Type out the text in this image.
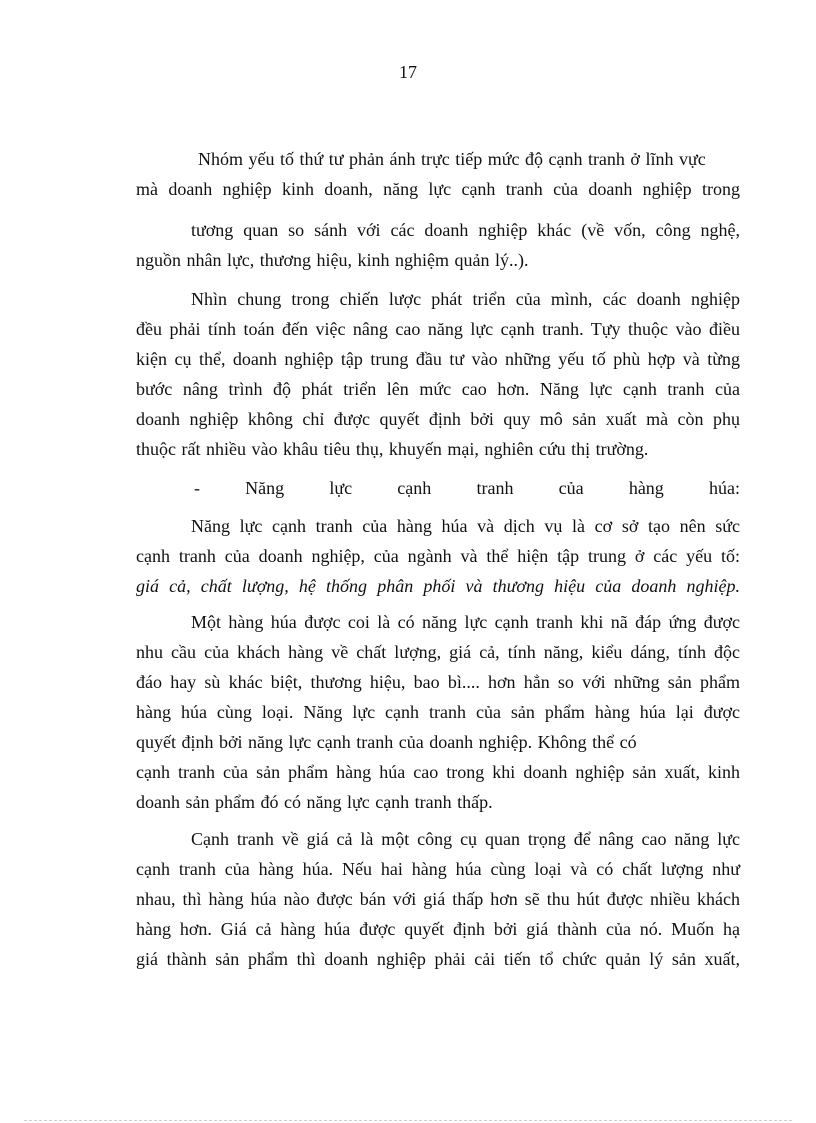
17
Nhóm yếu tố thứ tư phản ánh trực tiếp mức độ cạnh tranh ở lĩnh vực
mà doanh nghiệp kinh doanh, năng lực cạnh tranh của doanh nghiệp trong
tương quan so sánh với các doanh nghiệp khác (về vốn, công nghệ,
nguồn nhân lực, thương hiệu, kinh nghiệm quản lý..).
Nhìn chung trong chiến lược phát triển của mình, các doanh nghiệp
đều phải tính toán đến việc nâng cao năng lực cạnh tranh. Tựy thuộc vào điều
kiện cụ thể, doanh nghiệp tập trung đầu tư vào những yếu tố phù hợp và từng
bước nâng trình độ phát triển lên mức cao hơn. Năng lực cạnh tranh của
doanh nghiệp không chỉ được quyết định bởi quy mô sản xuất mà còn phụ
thuộc rất nhiều vào khâu tiêu thụ, khuyến mại, nghiên cứu thị trường.
- Năng lực cạnh tranh của hàng húa:
Năng lực cạnh tranh của hàng húa và dịch vụ là cơ sở tạo nên sức
cạnh tranh của doanh nghiệp, của ngành và thể hiện tập trung ở các yếu tố:
giá cả, chất lượng, hệ thống phân phối và thương hiệu của doanh nghiệp.
Một hàng húa được coi là có năng lực cạnh tranh khi nã đáp ứng được
nhu cầu của khách hàng về chất lượng, giá cả, tính năng, kiểu dáng, tính độc
đáo hay sù khác biệt, thương hiệu, bao bì.... hơn hẳn so với những sản phẩm
hàng húa cùng loại. Năng lực cạnh tranh của sản phẩm hàng húa lại được
quyết định bởi năng lực cạnh tranh của doanh nghiệp. Không thể có
cạnh tranh của sản phẩm hàng húa cao trong khi doanh nghiệp sản xuất, kinh
doanh sản phẩm đó có năng lực cạnh tranh thấp.
Cạnh tranh về giá cả là một công cụ quan trọng để nâng cao năng lực
cạnh tranh của hàng húa. Nếu hai hàng húa cùng loại và có chất lượng như
nhau, thì hàng húa nào được bán với giá thấp hơn sẽ thu hút được nhiều khách
hàng hơn. Giá cả hàng húa được quyết định bởi giá thành của nó. Muốn hạ
giá thành sản phẩm thì doanh nghiệp phải cải tiến tổ chức quản lý sản xuất,
